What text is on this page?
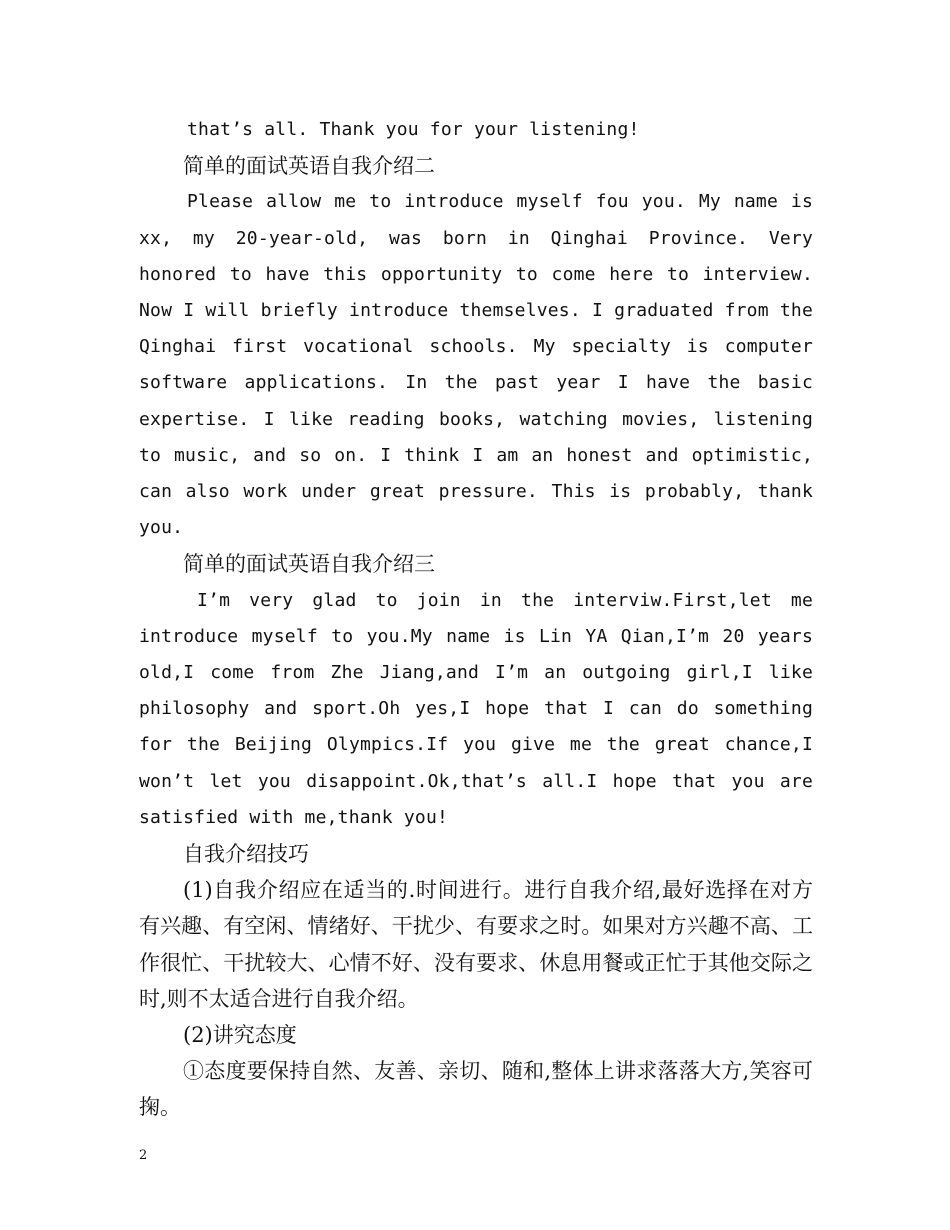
that’s all. Thank you for your listening!

简单的面试英语自我介绍二

Please allow me to introduce myself fou you. My name is xx, my 20-year-old, was born in Qinghai Province. Very honored to have this opportunity to come here to interview. Now I will briefly introduce themselves. I graduated from the Qinghai first vocational schools. My specialty is computer software applications. In the past year I have the basic expertise. I like reading books, watching movies, listening to music, and so on. I think I am an honest and optimistic, can also work under great pressure. This is probably, thank you.

简单的面试英语自我介绍三

I’m very glad to join in the interviw.First,let me introduce myself to you.My name is Lin YA Qian,I’m 20 years old,I come from Zhe Jiang,and I’m an outgoing girl,I like philosophy and sport.Oh yes,I hope that I can do something for the Beijing Olympics.If you give me the great chance,I won’t let you disappoint.Ok,that’s all.I hope that you are satisfied with me,thank you!

自我介绍技巧

(1)自我介绍应在适当的.时间进行。进行自我介绍,最好选择在对方有兴趣、有空闲、情绪好、干扰少、有要求之时。如果对方兴趣不高、工作很忙、干扰较大、心情不好、没有要求、休息用餐或正忙于其他交际之时,则不太适合进行自我介绍。

(2)讲究态度

①态度要保持自然、友善、亲切、随和,整体上讲求落落大方,笑容可掬。

2
